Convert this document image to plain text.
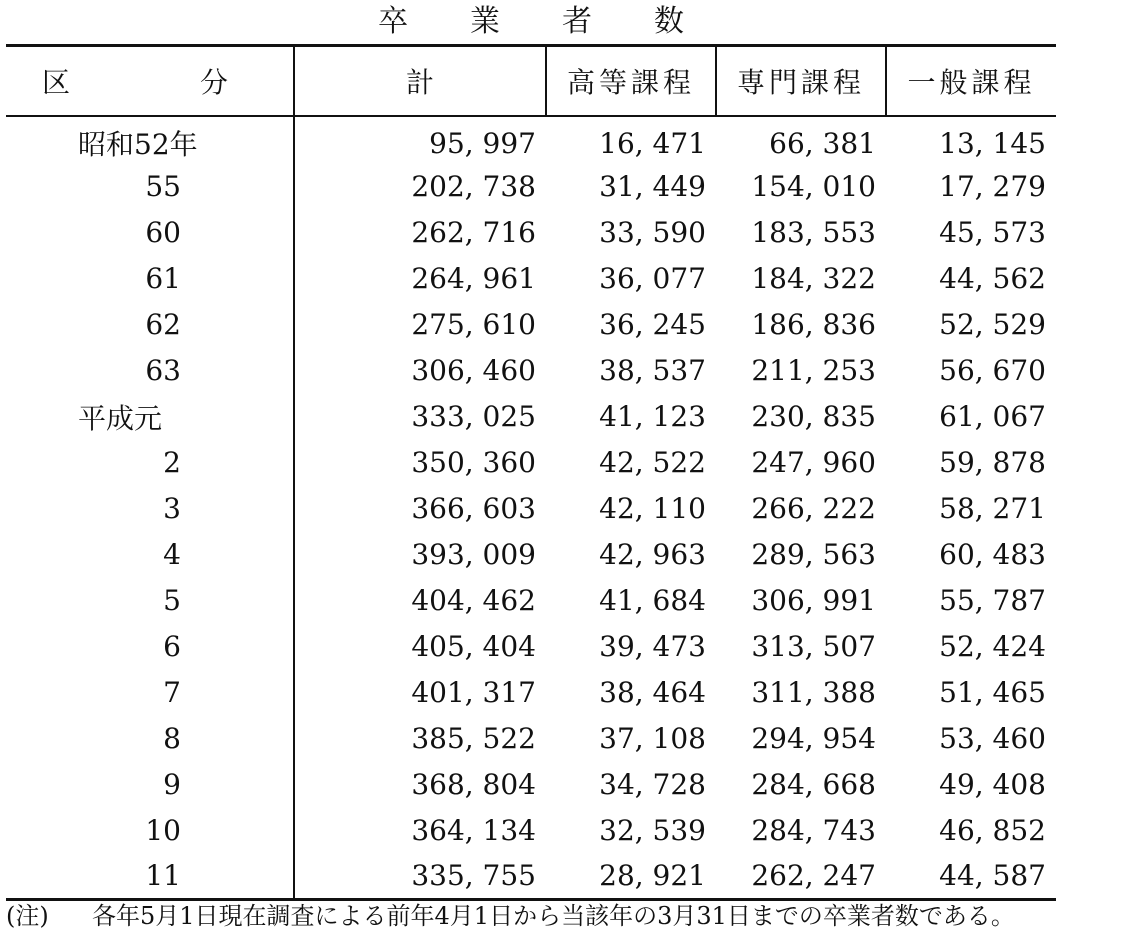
卒業者数
区 分	計	高等課程	専門課程	一般課程
昭和52年	95, 997	16, 471	66, 381	13, 145
55	202, 738	31, 449	154, 010	17, 279
60	262, 716	33, 590	183, 553	45, 573
61	264, 961	36, 077	184, 322	44, 562
62	275, 610	36, 245	186, 836	52, 529
63	306, 460	38, 537	211, 253	56, 670
平成元	333, 025	41, 123	230, 835	61, 067
2	350, 360	42, 522	247, 960	59, 878
3	366, 603	42, 110	266, 222	58, 271
4	393, 009	42, 963	289, 563	60, 483
5	404, 462	41, 684	306, 991	55, 787
6	405, 404	39, 473	313, 507	52, 424
7	401, 317	38, 464	311, 388	51, 465
8	385, 522	37, 108	294, 954	53, 460
9	368, 804	34, 728	284, 668	49, 408
10	364, 134	32, 539	284, 743	46, 852
11	335, 755	28, 921	262, 247	44, 587
(注) 各年5月1日現在調査による前年4月1日から当該年の3月31日までの卒業者数である。
